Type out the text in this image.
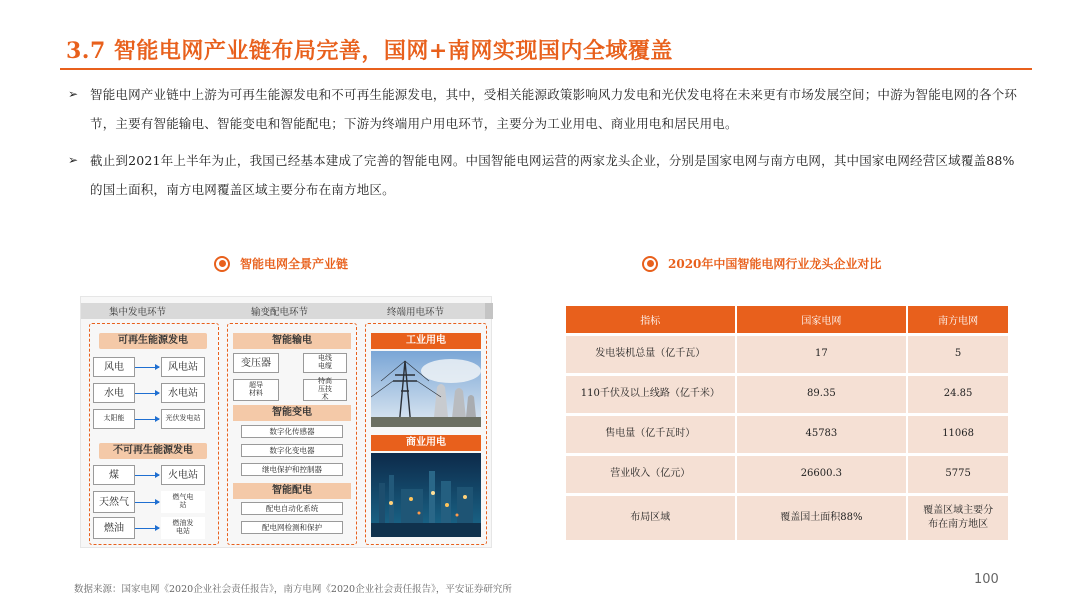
3.7 智能电网产业链布局完善，国网+南网实现国内全域覆盖
➢ 智能电网产业链中上游为可再生能源发电和不可再生能源发电，其中，受相关能源政策影响风力发电和光伏发电将在未来更有市场发展空间；中游为智能电网的各个环节，主要有智能输电、智能变电和智能配电；下游为终端用户用电环节，主要分为工业用电、商业用电和居民用电。
➢ 截止到2021年上半年为止，我国已经基本建成了完善的智能电网。中国智能电网运营的两家龙头企业，分别是国家电网与南方电网，其中国家电网经营区域覆盖88%的国土面积，南方电网覆盖区域主要分布在南方地区。
智能电网全景产业链	2020年中国智能电网行业龙头企业对比
集中发电环节	输变配电环节	终端用电环节
可再生能源发电
风电	风电站
水电	水电站
太阳能	光伏发电站
不可再生能源发电
煤	火电站
天然气	燃气电站
燃油	燃油发电站
智能输电
变压器	电线电缆
超导材料
特高压技术
智能变电
数字化传感器
数字化变电器
继电保护和控制器
智能配电
配电自动化系统
配电网检测和保护
工业用电
商业用电
指标	国家电网	南方电网
发电装机总量（亿千瓦）	17	5
110千伏及以上线路（亿千米）	89.35	24.85
售电量（亿千瓦时）	45783	11068
营业收入（亿元）	26600.3	5775
布局区域	覆盖国土面积88%	覆盖区域主要分布在南方地区
100
数据来源：国家电网《2020企业社会责任报告》，南方电网《2020企业社会责任报告》，平安证券研究所
